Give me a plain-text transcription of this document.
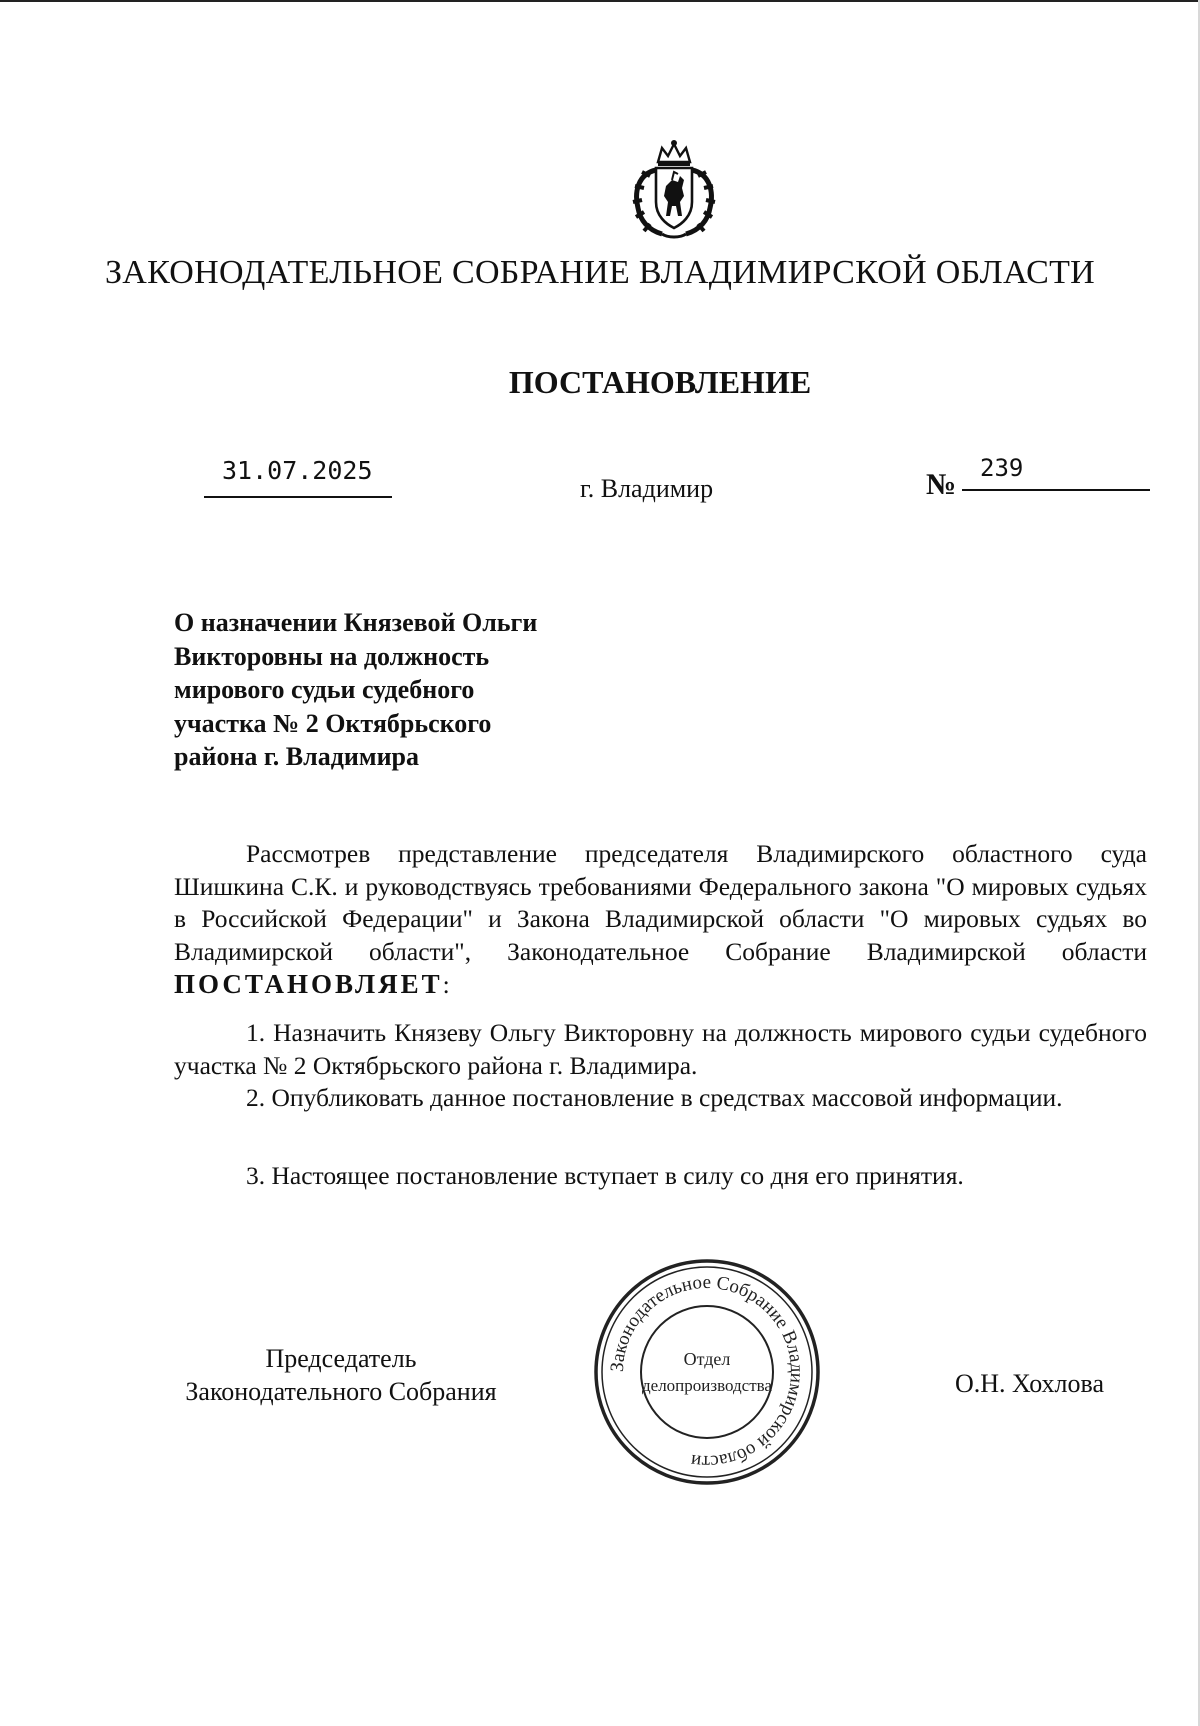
ЗАКОНОДАТЕЛЬНОЕ СОБРАНИЕ ВЛАДИМИРСКОЙ ОБЛАСТИ
ПОСТАНОВЛЕНИЕ
31.07.2025
г. Владимир	№ 239

О назначении Князевой Ольги
Викторовны на должность
мирового судьи судебного
участка № 2 Октябрьского
района г. Владимира

Рассмотрев представление председателя Владимирского областного суда Шишкина С.К. и руководствуясь требованиями Федерального закона "О мировых судьях в Российской Федерации" и Закона Владимирской области "О мировых судьях во Владимирской области", Законодательное Собрание Владимирской области ПОСТАНОВЛЯЕТ:

1. Назначить Князеву Ольгу Викторовну на должность мирового судьи судебного участка № 2 Октябрьского района г. Владимира.

2. Опубликовать данное постановление в средствах массовой информации.

3. Настоящее постановление вступает в силу со дня его принятия.

Председатель
Законодательного Собрания

Законодательное Собрание Владимирской области
Отдел
делопроизводства	О.Н. Хохлова
